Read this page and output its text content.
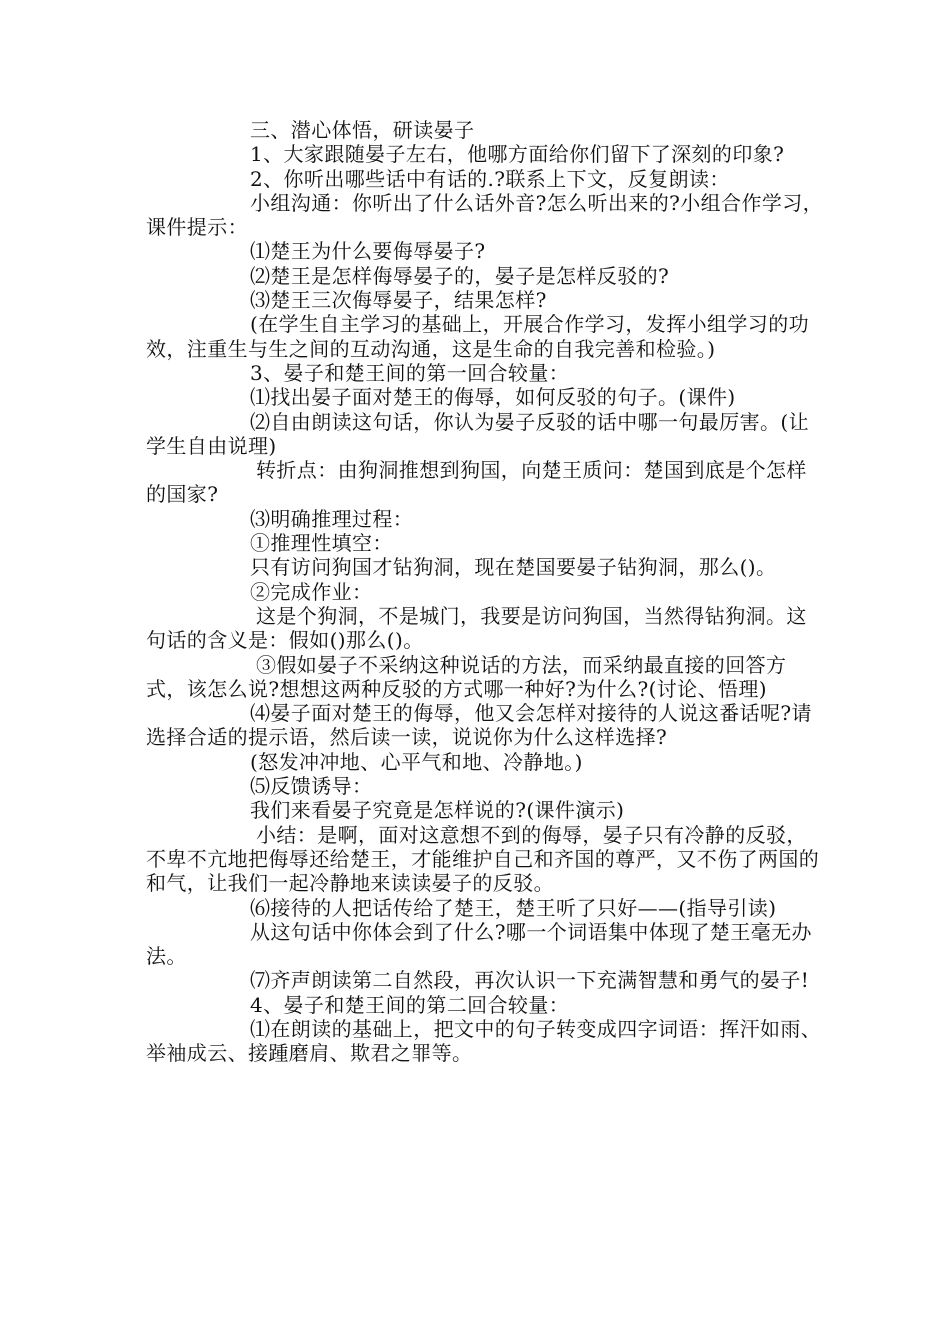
三、潜心体悟，研读晏子

1、大家跟随晏子左右，他哪方面给你们留下了深刻的印象?

2、你听出哪些话中有话的.?联系上下文，反复朗读：

小组沟通：你听出了什么话外音?怎么听出来的?小组合作学习，课件提示：

⑴楚王为什么要侮辱晏子?

⑵楚王是怎样侮辱晏子的，晏子是怎样反驳的?

⑶楚王三次侮辱晏子，结果怎样?

(在学生自主学习的基础上，开展合作学习，发挥小组学习的功效，注重生与生之间的互动沟通，这是生命的自我完善和检验。)

3、晏子和楚王间的第一回合较量：

⑴找出晏子面对楚王的侮辱，如何反驳的句子。(课件)

⑵自由朗读这句话，你认为晏子反驳的话中哪一句最厉害。(让学生自由说理)

转折点：由狗洞推想到狗国，向楚王质问：楚国到底是个怎样的国家?

⑶明确推理过程：

①推理性填空：

只有访问狗国才钻狗洞，现在楚国要晏子钻狗洞，那么()。

②完成作业：

这是个狗洞，不是城门，我要是访问狗国，当然得钻狗洞。这句话的含义是：假如()那么()。

③假如晏子不采纳这种说话的方法，而采纳最直接的回答方式，该怎么说?想想这两种反驳的方式哪一种好?为什么?(讨论、悟理)

⑷晏子面对楚王的侮辱，他又会怎样对接待的人说这番话呢?请选择合适的提示语，然后读一读，说说你为什么这样选择?

(怒发冲冲地、心平气和地、冷静地。)

⑸反馈诱导：

我们来看晏子究竟是怎样说的?(课件演示)

小结：是啊，面对这意想不到的侮辱，晏子只有冷静的反驳，不卑不亢地把侮辱还给楚王，才能维护自己和齐国的尊严，又不伤了两国的和气，让我们一起冷静地来读读晏子的反驳。

⑹接待的人把话传给了楚王，楚王听了只好——(指导引读)

从这句话中你体会到了什么?哪一个词语集中体现了楚王毫无办法。

⑺齐声朗读第二自然段，再次认识一下充满智慧和勇气的晏子!

4、晏子和楚王间的第二回合较量：

⑴在朗读的基础上，把文中的句子转变成四字词语：挥汗如雨、举袖成云、接踵磨肩、欺君之罪等。
